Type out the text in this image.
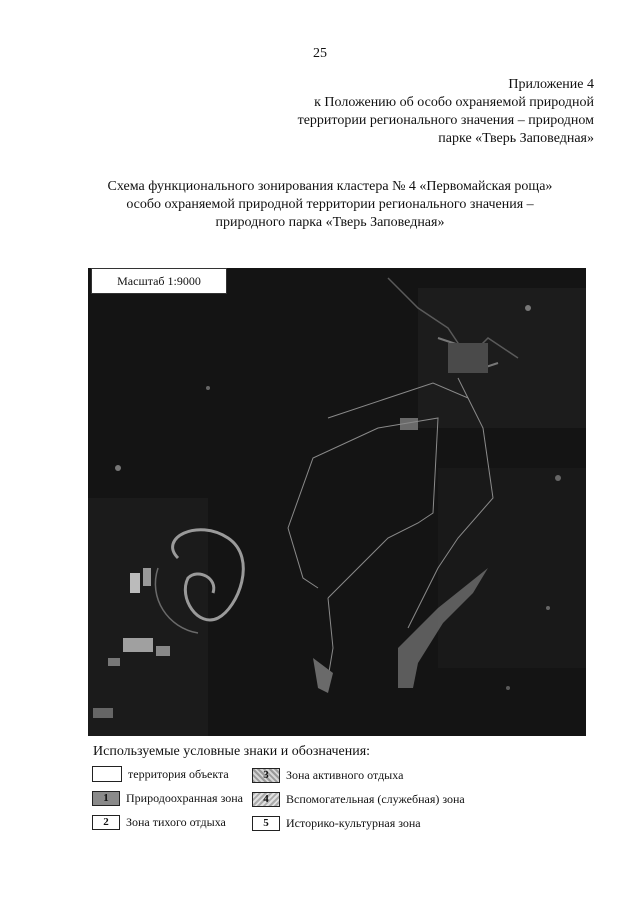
25
Приложение 4
к Положению об особо охраняемой природной
территории регионального значения – природном
парке «Тверь Заповедная»
Схема функционального зонирования кластера № 4 «Первомайская роща»
особо охраняемой природной территории регионального значения –
природного парка «Тверь Заповедная»
Масштаб 1:9000
Используемые условные знаки и обозначения:
территория объекта
1	Природоохранная зона
2	Зона тихого отдыха
3	Зона активного отдыха
4	Вспомогательная (служебная) зона
5	Историко-культурная зона
